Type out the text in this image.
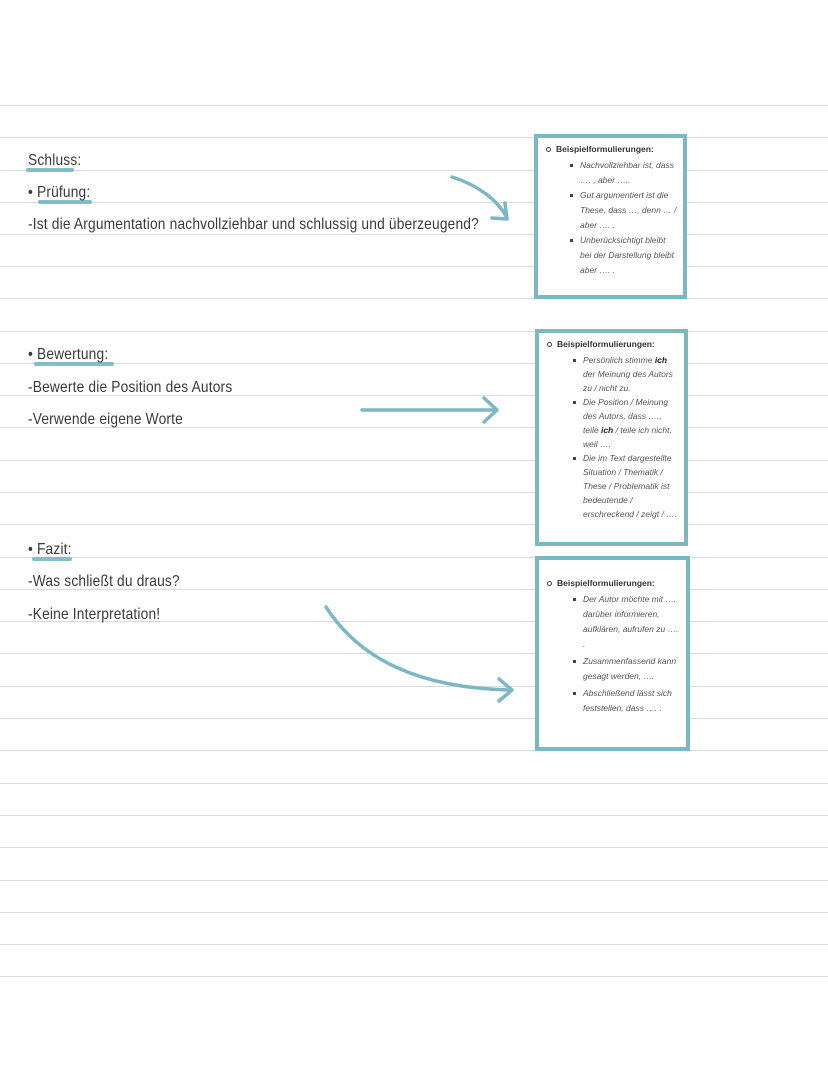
Schluss:
• Prüfung:
-Ist die Argumentation nachvollziehbar und schlussig und überzeugend?
• Bewertung:
-Bewerte die Position des Autors
-Verwende eigene Worte
• Fazit:
-Was schließt du draus?
-Keine Interpretation!
Beispielformulierungen:
Nachvollziehbar ist, dass …. , aber …..
Gut argumentiert ist die These, dass …, denn … / aber …. .
Unberücksichtigt bleibt bei der Darstellung bleibt aber …. .
Beispielformulierungen:
Persönlich stimme ich der Meinung des Autors zu / nicht zu.
Die Position / Meinung des Autors, dass …., teile ich / teile ich nicht, weil ….
Die im Text dargestellte Situation / Thematik / These / Problematik ist bedeutende / erschreckend / zeigt / ….
Beispielformulierungen:
Der Autor möchte mit …. darüber informieren, aufklären, aufrufen zu …. .
Zusammenfassend kann gesagt werden, ….
Abschließend lässt sich feststellen, dass …. .
